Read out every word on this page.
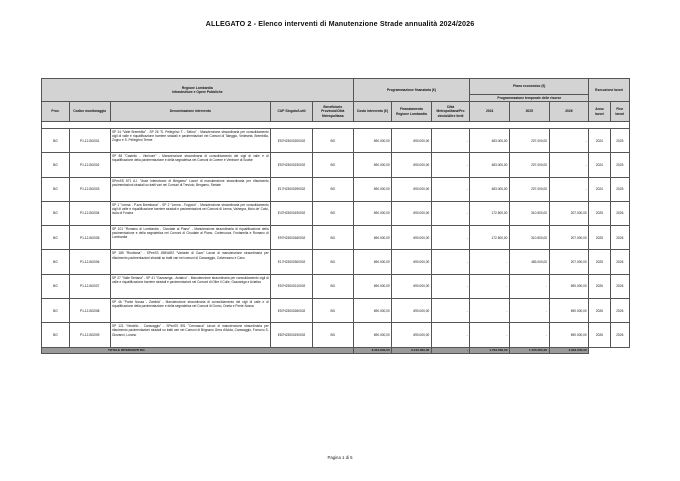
ALLEGATO 2 - Elenco interventi di Manutenzione Strade annualità 2024/2026
Regione Lombardia
Infrastrutture e Opere Pubbliche					Programmazione finanziaria (€)			Piano economico (€)			Esecuzione lavori	
								Programmazione temporale delle risorse				
Prov.	Codice monitoraggio	Denominazione intervento	CUP Singolo/Lotti	Beneficiario Provincia/Città Metropolitana	Costo intervento (€)	Finanziamento Regione Lombardia	Città Metropolitana/Pro vincia/Altre fonti	2024	2025	2026	Anno lavori	Fine lavori

BG	P1-12-BG001	SP 24 "Valle Brembilla" - SP 26 "S. Pellegrino T. - Selino" - Manutenzione straordinaria per consolidamento cigli di valle e riqualificazione barriere stradali e pavimentazioni nei Comuni di Taleggio, Vedeseta, Brembilla, Zogno e S. Pellegrino Terme	E57H23000200002	BG	690.000,00	690.000,00	-	483.000,00	207.000,00	-	2024	2025
BG	P1-12-BG002	SP 88 "Castello - Viminore" - Manutenzione straordinaria di consolidamento dei cigli di valle e di riqualificazione della pavimentazione e della segnaletica nei Comuni di Corene e Viminore di Scalve	E57H23000230002	BG	690.000,00	690.000,00	-	483.000,00	207.000,00	-	2024	2025
BG	P1-12-BG003	SPexSS 671 A.I. "Asse interurbano di Bergamo" Lavori di manutenzione straordinaria per rifacimento pavimentazioni stradali su tratti vari nei Comuni di Treviolo, Bergamo, Seriate	E17H23000290002	BG	690.000,00	690.000,00	-	483.000,00	207.000,00	-	2024	2025
BG	P1-12-BG004	SP 1 "Lenna - P.zza Brembana" - SP 2 "Lenna - Foppolo" - Manutenzione straordinaria per consolidamento cigli di valle e riqualificazione barriere stradali e pavimentazioni nei Comuni di Lenna, Valnegra, Moio de' Calvi, Isola di Fondra	E47H23000190002	BG	690.000,00	690.000,00	-	172.500,00	310.500,00	207.000,00	2025	2026
BG	P1-12-BG005	SP 101 "Romano di Lombardia - Civudate al Piano" - Manutenzione straordinaria di riqualificazione della pavimentazione e della segnaletica nei Comuni di Civudate al Piano, Cortenuova, Fontanella e Romano di Lombardia	E97H23000180002	BG	690.000,00	690.000,00	-	172.500,00	310.500,00	207.000,00	2025	2026
BG	P1-12-BG006	SP 185 "Rivoltana" - SPexSS 498VAR2 "Variante di Cavo" Lavori di manutenzione straordinaria per rifacimento pavimentazioni stradali su tratti vari nei comuni di Caravaggio, Calvenzano e Cavo	E17H23000300002	BG	690.000,00	690.000,00	-	-	483.000,00	207.000,00	2025	2026
BG	P1-12-BG007	SP 27 "Valle Seriana" - SP 41 "Gazzaniga - Aviatico" - Manutenzione straordinaria per consolidamento cigli di valle e riqualificazione barriere stradali e pavimentazioni nei Comuni di Oltre il Colle, Gazzaniga e Aviatico	E57H23000210002	BG	690.000,00	690.000,00	-	-	-	690.000,00	2026	2026
BG	P1-12-BG008	SP 46 "Ponte Nossa - Zambla" - Manutenzione straordinaria di consolidamento dei cigli di valle e di riqualificazione della pavimentazione e della segnaletica nei Comuni di Gorno, Oneta e Ponte Nossa	E57H23000260002	BG	690.000,00	690.000,00	-	-	-	690.000,00	2026	2026
BG	P1-12-BG009	SP 121 "Verdello - Caravaggio" - SPexSS 591 "Cremasca" Lavori di manutenzione straordinaria per rifacimento pavimentazioni stradali su tratti vari nei Comuni di Brignano Gera d'Adda, Caravaggio, Fornovo S. Giovanni, Lurano	E87H23000190002	BG	690.000,00	690.000,00	-	-	-	690.000,00	2026	2026
TOTALE INTERVENTI BG					6.210.000,00	6.210.000,00	-	1.794.000,00	1.725.000,00	2.691.000,00		
Pagina 1 di 5
